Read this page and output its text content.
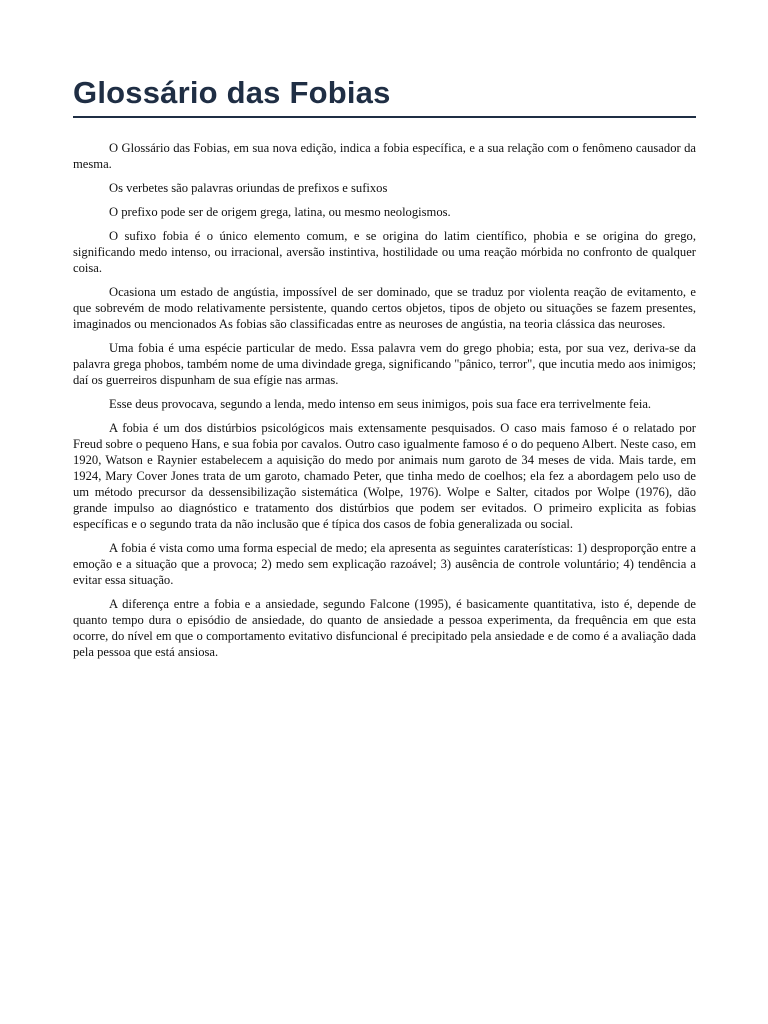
Glossário das Fobias

O Glossário das Fobias, em sua nova edição, indica a fobia específica, e a sua relação com o fenômeno causador da mesma.

Os verbetes são palavras oriundas de prefixos e sufixos

O prefixo pode ser de origem grega, latina, ou mesmo neologismos.

O sufixo fobia é o único elemento comum, e se origina do latim científico, phobia e se origina do grego, significando medo intenso, ou irracional, aversão instintiva, hostilidade ou uma reação mórbida no confronto de qualquer coisa.

Ocasiona um estado de angústia, impossível de ser dominado, que se traduz por violenta reação de evitamento, e que sobrevém de modo relativamente persistente, quando certos objetos, tipos de objeto ou situações se fazem presentes, imaginados ou mencionados As fobias são classificadas entre as neuroses de angústia, na teoria clássica das neuroses.

Uma fobia é uma espécie particular de medo. Essa palavra vem do grego phobia; esta, por sua vez, deriva-se da palavra grega phobos, também nome de uma divindade grega, significando "pânico, terror", que incutia medo aos inimigos; daí os guerreiros dispunham de sua efígie nas armas.

Esse deus provocava, segundo a lenda, medo intenso em seus inimigos, pois sua face era terrivelmente feia.

A fobia é um dos distúrbios psicológicos mais extensamente pesquisados. O caso mais famoso é o relatado por Freud sobre o pequeno Hans, e sua fobia por cavalos. Outro caso igualmente famoso é o do pequeno Albert. Neste caso, em 1920, Watson e Raynier estabelecem a aquisição do medo por animais num garoto de 34 meses de vida. Mais tarde, em 1924, Mary Cover Jones trata de um garoto, chamado Peter, que tinha medo de coelhos; ela fez a abordagem pelo uso de um método precursor da dessensibilização sistemática (Wolpe, 1976). Wolpe e Salter, citados por Wolpe (1976), dão grande impulso ao diagnóstico e tratamento dos distúrbios que podem ser evitados. O primeiro explicita as fobias específicas e o segundo trata da não inclusão que é típica dos casos de fobia generalizada ou social.

A fobia é vista como uma forma especial de medo; ela apresenta as seguintes caraterísticas: 1) desproporção entre a emoção e a situação que a provoca; 2) medo sem explicação razoável; 3) ausência de controle voluntário; 4) tendência a evitar essa situação.

A diferença entre a fobia e a ansiedade, segundo Falcone (1995), é basicamente quantitativa, isto é, depende de quanto tempo dura o episódio de ansiedade, do quanto de ansiedade a pessoa experimenta, da frequência em que esta ocorre, do nível em que o comportamento evitativo disfuncional é precipitado pela ansiedade e de como é a avaliação dada pela pessoa que está ansiosa.
